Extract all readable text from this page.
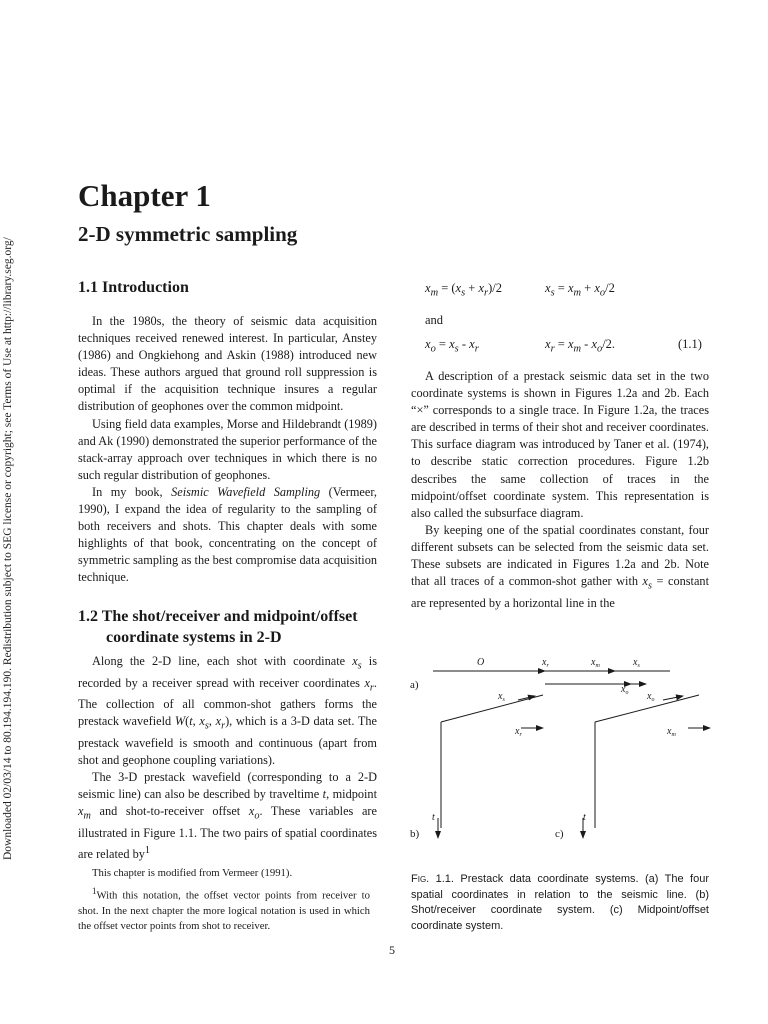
Downloaded 02/03/14 to 80.194.194.190. Redistribution subject to SEG license or copyright; see Terms of Use at http://library.seg.org/
Chapter 1
2-D symmetric sampling
1.1 Introduction

In the 1980s, the theory of seismic data acquisition techniques received renewed interest. In particular, Anstey (1986) and Ongkiehong and Askin (1988) introduced new ideas. These authors argued that ground roll suppression is optimal if the acquisition technique insures a regular distribution of geophones over the common midpoint.

Using field data examples, Morse and Hildebrandt (1989) and Ak (1990) demonstrated the superior performance of the stack-array approach over techniques in which there is no such regular distribution of geophones.

In my book, Seismic Wavefield Sampling (Vermeer, 1990), I expand the idea of regularity to the sampling of both receivers and shots. This chapter deals with some highlights of that book, concentrating on the concept of symmetric sampling as the best compromise data acquisition technique.

1.2 The shot/receiver and midpoint/offset
coordinate systems in 2-D

Along the 2-D line, each shot with coordinate $x_s$ is recorded by a receiver spread with receiver coordinates $x_r$. The collection of all common-shot gathers forms the prestack wavefield W(t, $x_s$, $x_r$), which is a 3-D data set. The prestack wavefield is smooth and continuous (apart from shot and geophone coupling variations).

The 3-D prestack wavefield (corresponding to a 2-D seismic line) can also be described by traveltime t, midpoint $x_m$ and shot-to-receiver offset $x_o$. These variables are illustrated in Figure 1.1. The two pairs of spatial coordinates are related $by^1$

$x_m = (x_s + x_r)/2$	$x_s = x_m + x_o/2$
and
$x_o = x_s - x_r$	$x_r = x_m - x_o/2$.	(1.1)

A description of a prestack seismic data set in the two coordinate systems is shown in Figures 1.2a and 2b. Each “×” corresponds to a single trace. In Figure 1.2a, the traces are described in terms of their shot and receiver coordinates. This surface diagram was introduced by Taner et al. (1974), to describe static correction procedures. Figure 1.2b describes the same collection of traces in the midpoint/offset coordinate system. This representation is also called the subsurface diagram.

By keeping one of the spatial coordinates constant, four different subsets can be selected from the seismic data set. These subsets are indicated in Figures 1.2a and 2b. Note that all traces of a common-shot gather with $x_s$ = constant are represented by a horizontal line in the

a)
O	$x_r$	$x_m$	$x_s$
$x_o$
$x_s$
$x_r$
$x_o$
$x_m$
t	t
b)	c)
Fig. 1.1. Prestack data coordinate systems. (a) The four spatial coordinates in relation to the seismic line. (b) Shot/receiver coordinate system. (c) Midpoint/offset coordinate system.

This chapter is modified from Vermeer (1991).

$^1$With this notation, the offset vector points from receiver to shot. In the next chapter the more logical notation is used in which the offset vector points from shot to receiver.

5
